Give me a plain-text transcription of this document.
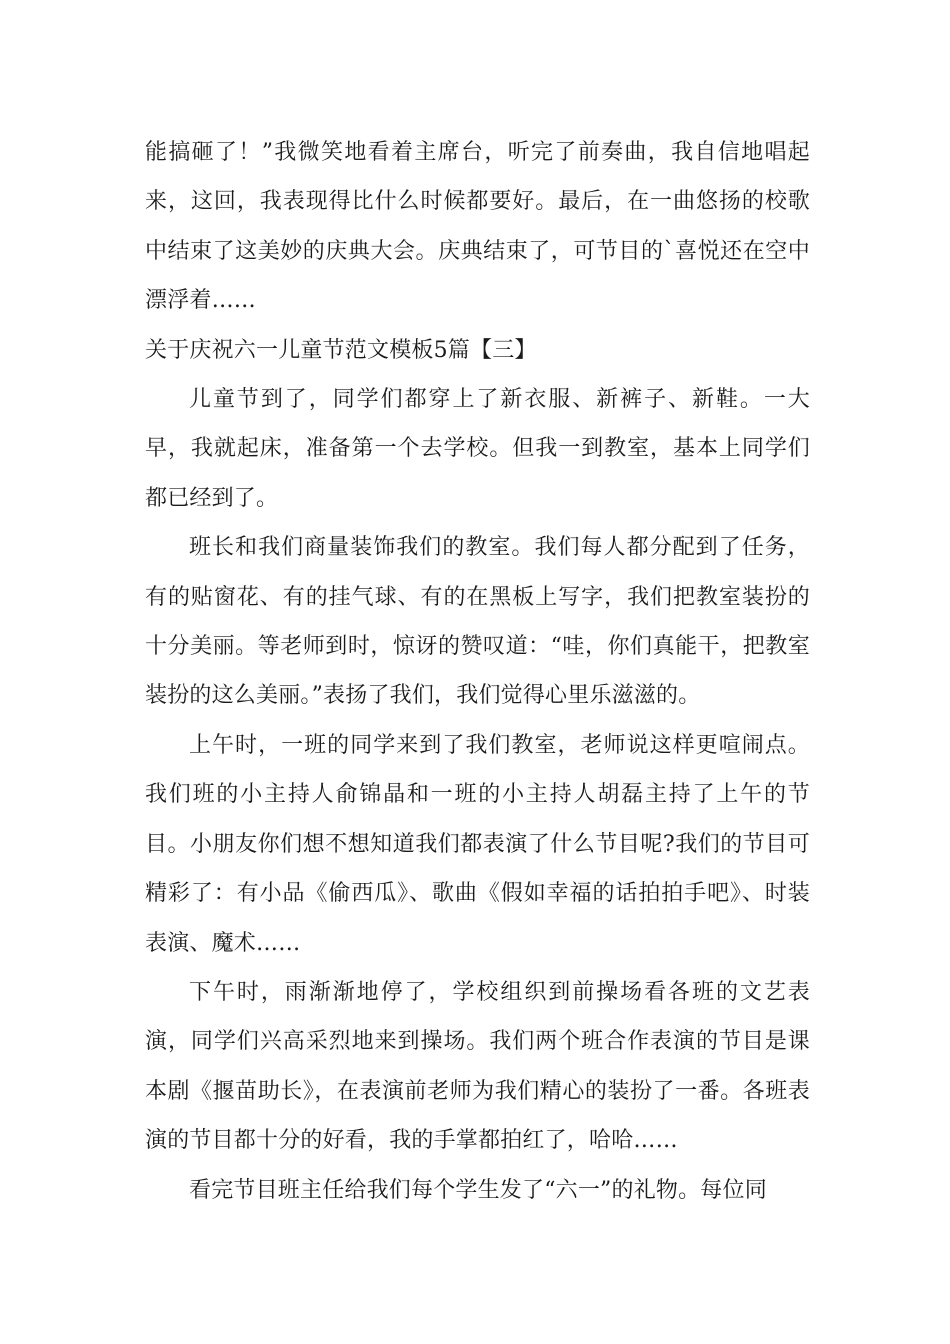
能搞砸了！”我微笑地看着主席台，听完了前奏曲，我自信地唱起来，这回，我表现得比什么时候都要好。最后，在一曲悠扬的校歌中结束了这美妙的庆典大会。庆典结束了，可节目的`喜悦还在空中漂浮着……

关于庆祝六一儿童节范文模板5篇【三】

儿童节到了，同学们都穿上了新衣服、新裤子、新鞋。一大早，我就起床，准备第一个去学校。但我一到教室，基本上同学们都已经到了。

班长和我们商量装饰我们的教室。我们每人都分配到了任务，有的贴窗花、有的挂气球、有的在黑板上写字，我们把教室装扮的十分美丽。等老师到时，惊讶的赞叹道：“哇，你们真能干，把教室装扮的这么美丽。”表扬了我们，我们觉得心里乐滋滋的。

上午时，一班的同学来到了我们教室，老师说这样更喧闹点。我们班的小主持人俞锦晶和一班的小主持人胡磊主持了上午的节目。小朋友你们想不想知道我们都表演了什么节目呢?我们的节目可精彩了：有小品《偷西瓜》、歌曲《假如幸福的话拍拍手吧》、时装表演、魔术……

下午时，雨渐渐地停了，学校组织到前操场看各班的文艺表演，同学们兴高采烈地来到操场。我们两个班合作表演的节目是课本剧《揠苗助长》，在表演前老师为我们精心的装扮了一番。各班表演的节目都十分的好看，我的手掌都拍红了，哈哈……

看完节目班主任给我们每个学生发了“六一”的礼物。每位同
